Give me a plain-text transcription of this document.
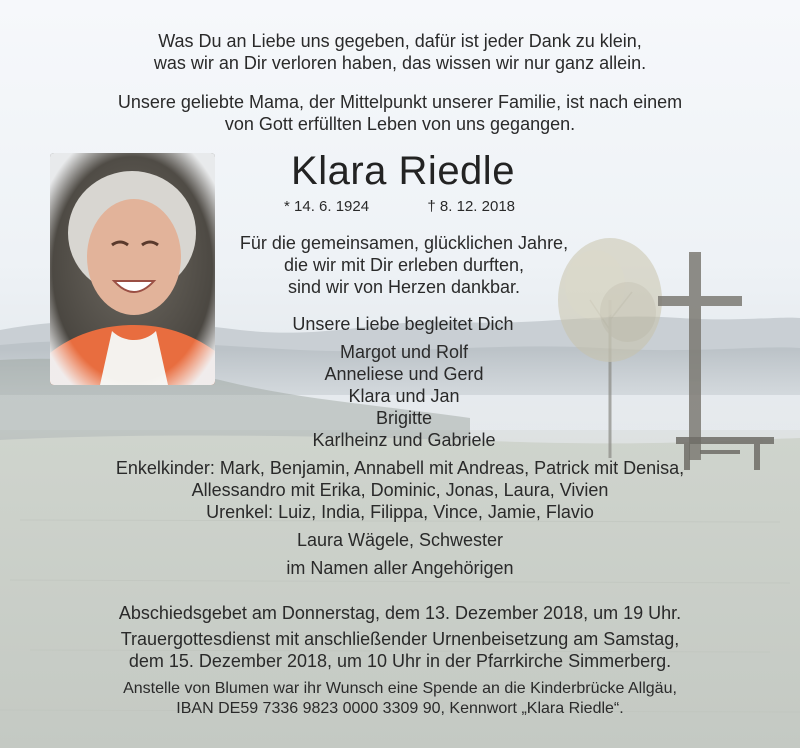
Was Du an Liebe uns gegeben, dafür ist jeder Dank zu klein,
was wir an Dir verloren haben, das wissen wir nur ganz allein.
Unsere geliebte Mama, der Mittelpunkt unserer Familie, ist nach einem
von Gott erfüllten Leben von uns gegangen.
Klara Riedle
* 14. 6. 1924	† 8. 12. 2018
Für die gemeinsamen, glücklichen Jahre,
die wir mit Dir erleben durften,
sind wir von Herzen dankbar.
Unsere Liebe begleitet Dich
Margot und Rolf
Anneliese und Gerd
Klara und Jan
Brigitte
Karlheinz und Gabriele
Enkelkinder: Mark, Benjamin, Annabell mit Andreas, Patrick mit Denisa,
Allessandro mit Erika, Dominic, Jonas, Laura, Vivien
Urenkel: Luiz, India, Filippa, Vince, Jamie, Flavio
Laura Wägele, Schwester
im Namen aller Angehörigen
Abschiedsgebet am Donnerstag, dem 13. Dezember 2018, um 19 Uhr.
Trauergottesdienst mit anschließender Urnenbeisetzung am Samstag,
dem 15. Dezember 2018, um 10 Uhr in der Pfarrkirche Simmerberg.
Anstelle von Blumen war ihr Wunsch eine Spende an die Kinderbrücke Allgäu,
IBAN DE59 7336 9823 0000 3309 90, Kennwort „Klara Riedle“.
